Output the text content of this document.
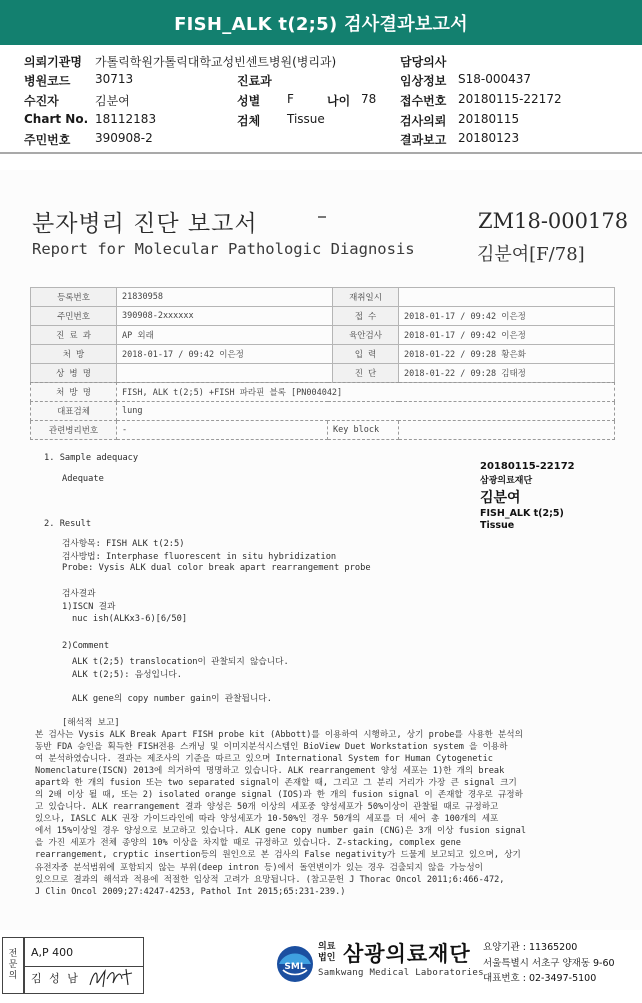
FISH_ALK t(2;5) 검사결과보고서
의뢰기관명 가톨릭학원가톨릭대학교성빈센트병원(병리과)	담당의사
병원코드 30713	진료과	임상정보 S18-000437
수진자	김분여	성별 F	나이 78 접수번호 20180115-22172
Chart No. 18112183	검체 Tissue	검사의뢰 20180115
주민번호 390908-2	결과보고 20180123
분자병리 진단 보고서
Report for Molecular Pathologic Diagnosis
ZM18-000178
김분여[F/78]
등록번호	21830958	재취일시	
주민번호	390908-2xxxxxx	접 수	2018-01-17 / 09:42 이은정
진 료 과	AP 외래	육안검사	2018-01-17 / 09:42 이은정
처 방	2018-01-17 / 09:42 이은정	입 력	2018-01-22 / 09:28 황은화
상 병 명		진 단	2018-01-22 / 09:28 김태정
처 방 명	FISH, ALK t(2;5) +FISH 파라핀 블록 [PN004042]		
대표검체	lung		
관련병리번호	-	Key block	
1. Sample adequacy
Adequate
20180115-22172
삼광의료재단
김분여
FISH_ALK t(2;5)
Tissue
2. Result
검사항목: FISH ALK t(2:5)
검사방법: Interphase fluorescent in situ hybridization
Probe: Vysis ALK dual color break apart rearrangement probe
검사결과
1)ISCN 결과
nuc ish(ALKx3-6)[6/50]
2)Comment
ALK t(2;5) translocation이 관찰되지 않습니다.
ALK t(2;5): 음성입니다.
ALK gene의 copy number gain이 관찰됩니다.
[해석적 보고]
본 검사는 Vysis ALK Break Apart FISH probe kit (Abbott)를 이용하여 시행하고, 상기 probe를 사용한 분석의
동반 FDA 승인을 획득한 FISH전용 스캐닝 및 이미지분석시스템인 BioView Duet Workstation system 을 이용하
여 분석하였습니다. 결과는 제조사의 기준을 따르고 있으며 International System for Human Cytogenetic
Nomenclature(ISCN) 2013에 의거하여 명명하고 있습니다. ALK rearrangement 양성 세포는 1)한 개의 break
apart와 한 개의 fusion 또는 two separated signal이 존재할 때, 그리고 그 분리 거리가 가장 큰 signal 크기
의 2배 이상 될 때, 또는 2) isolated orange signal (IOS)과 한 개의 fusion signal 이 존재할 경우로 규정하
고 있습니다. ALK rearrangement 결과 양성은 50개 이상의 세포중 양성세포가 50%이상이 관찰될 때로 규정하고
있으나, IASLC ALK 권장 가이드라인에 따라 양성세포가 10-50%인 경우 50개의 세포를 더 세어 총 100개의 세포
에서 15%이상일 경우 양성으로 보고하고 있습니다. ALK gene copy number gain (CNG)은 3개 이상 fusion signal
을 가진 세포가 전체 종양의 10% 이상을 차지할 때로 규정하고 있습니다. Z-stacking, complex gene
rearrangement, cryptic insertion등의 원인으로 본 검사의 False negativity가 드물게 보고되고 있으며, 상기
유전자중 분석범위에 포함되지 않는 부위(deep intron 등)에서 돌연변이가 있는 경우 검출되지 않을 가능성이
있으므로 결과의 해석과 적용에 적절한 임상적 고려가 요망됩니다. (참고문헌 J Thorac Oncol 2011;6:466-472,
J Clin Oncol 2009;27:4247-4253, Pathol Int 2015;65:231-239.)
전
문
의
A,P 400
김 성 남
SML
의료
법인 삼광의료재단
Samkwang Medical Laboratories
요양기관 : 11365200
서울특별시 서초구 양재동 9-60
대표번호 : 02-3497-5100
